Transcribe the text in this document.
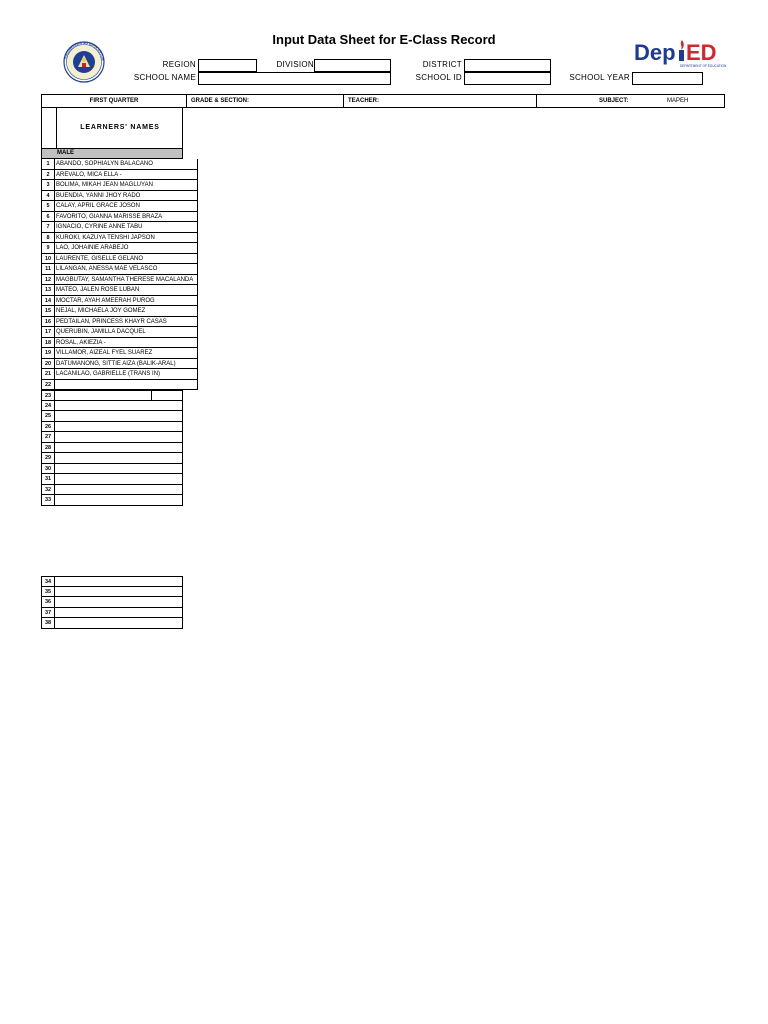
Input Data Sheet for E-Class Record
KAGAWARAN NG EDUKASYON	Dep ED
DEPARTMENT OF EDUCATION
REGION	DIVISION	DISTRICT
SCHOOL NAME	SCHOOL ID	SCHOOL YEAR
FIRST QUARTER	GRADE & SECTION:	TEACHER:	SUBJECT:	MAPEH
LEARNERS' NAMES
MALE
1	ABANDO, SOPHIALYN BALACANO
2	AREVALO, MICA ELLA -
3	BOLIMA, MIKAH JEAN MAGLUYAN
4	BUENDIA, YANNI JHOY RADO
5	CALAY, APRIL GRACE JOSON
6	FAVORITO, GIANNA MARISSE BRAZA
7	IGNACIO, CYRINE ANNE TABU
8	KUROKI, KAZUYA TENSHI JAPSON
9	LAO, JOHAINIE ARABEJO
10 LAURENTE, GISELLE GELANO
11 LILANGAN, ANESSA MAE VELASCO
12 MAGBUTAY, SAMANTHA THERESE MACALANDA
13 MATEO, JALEN ROSE LUBAN
14 MOCTAR, AYAH AMEERAH PUROG
15 NEJAL, MICHAELA JOY GOMEZ
16 PEDTAILAN, PRINCESS KHAYR CASAS
17 QUERUBIN, JAMILLA DACQUEL
18 ROSAL, AKIEZIA -
19 VILLAMOR, AIZEAL FYEL SUAREZ
20 DATUMANONG, SITTIE AIZA (BALIK-ARAL)
21 LACANILAO, GABRIELLE (TRANS IN)
22
23
24
25
26
27
28
29
30
31
32
33
34
35
36
37
38
